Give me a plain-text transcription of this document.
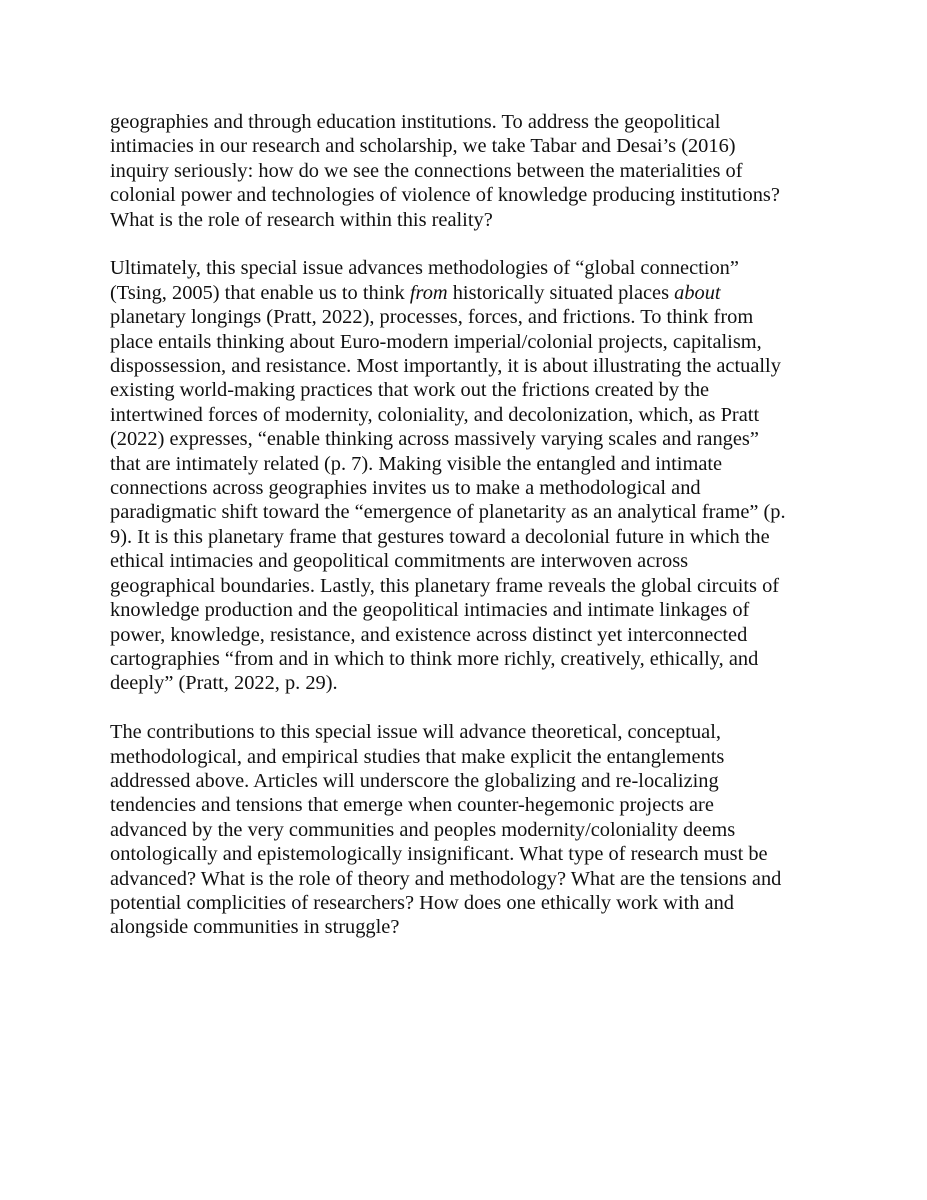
geographies and through education institutions. To address the geopolitical
intimacies in our research and scholarship, we take Tabar and Desai’s (2016)
inquiry seriously: how do we see the connections between the materialities of
colonial power and technologies of violence of knowledge producing institutions?
What is the role of research within this reality?
Ultimately, this special issue advances methodologies of “global connection”
(Tsing, 2005) that enable us to think from historically situated places about
planetary longings (Pratt, 2022), processes, forces, and frictions. To think from
place entails thinking about Euro-modern imperial/colonial projects, capitalism,
dispossession, and resistance. Most importantly, it is about illustrating the actually
existing world-making practices that work out the frictions created by the
intertwined forces of modernity, coloniality, and decolonization, which, as Pratt
(2022) expresses, “enable thinking across massively varying scales and ranges”
that are intimately related (p. 7). Making visible the entangled and intimate
connections across geographies invites us to make a methodological and
paradigmatic shift toward the “emergence of planetarity as an analytical frame” (p.
9). It is this planetary frame that gestures toward a decolonial future in which the
ethical intimacies and geopolitical commitments are interwoven across
geographical boundaries. Lastly, this planetary frame reveals the global circuits of
knowledge production and the geopolitical intimacies and intimate linkages of
power, knowledge, resistance, and existence across distinct yet interconnected
cartographies “from and in which to think more richly, creatively, ethically, and
deeply” (Pratt, 2022, p. 29).
The contributions to this special issue will advance theoretical, conceptual,
methodological, and empirical studies that make explicit the entanglements
addressed above. Articles will underscore the globalizing and re-localizing
tendencies and tensions that emerge when counter-hegemonic projects are
advanced by the very communities and peoples modernity/coloniality deems
ontologically and epistemologically insignificant. What type of research must be
advanced? What is the role of theory and methodology? What are the tensions and
potential complicities of researchers? How does one ethically work with and
alongside communities in struggle?
